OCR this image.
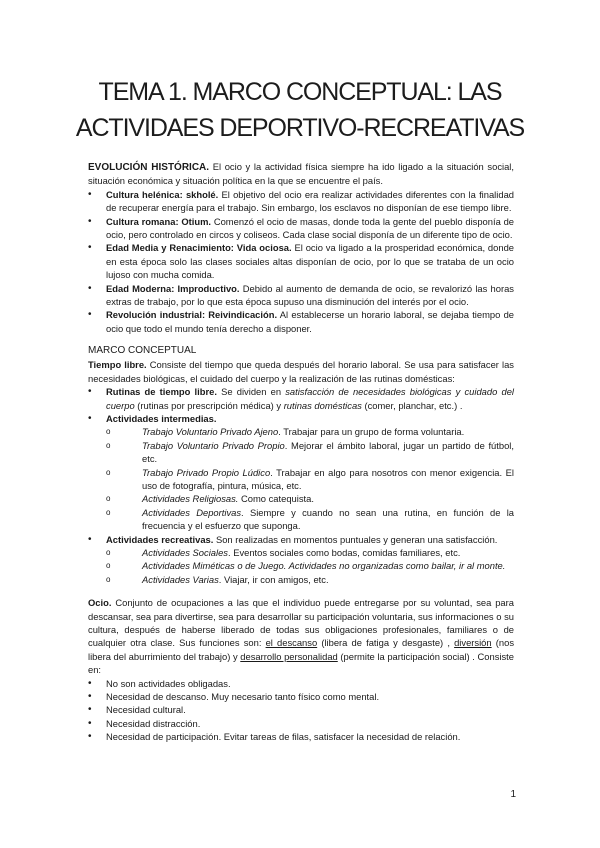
TEMA 1. MARCO CONCEPTUAL: LAS
ACTIVIDAES DEPORTIVO-RECREATIVAS

EVOLUCIÓN HISTÓRICA. El ocio y la actividad física siempre ha ido ligado a la situación social, situación económica y situación política en la que se encuentre el país.

• Cultura helénica: skholé. El objetivo del ocio era realizar actividades diferentes con la finalidad de recuperar energía para el trabajo. Sin embargo, los esclavos no disponían de ese tiempo libre.
• Cultura romana: Otium. Comenzó el ocio de masas, donde toda la gente del pueblo disponía de ocio, pero controlado en circos y coliseos. Cada clase social disponía de un diferente tipo de ocio.
• Edad Media y Renacimiento: Vida ociosa. El ocio va ligado a la prosperidad económica, donde en esta época solo las clases sociales altas disponían de ocio, por lo que se trataba de un ocio lujoso con mucha comida.
• Edad Moderna: Improductivo. Debido al aumento de demanda de ocio, se revalorizó las horas extras de trabajo, por lo que esta época supuso una disminución del interés por el ocio.
• Revolución industrial: Reivindicación. Al establecerse un horario laboral, se dejaba tiempo de ocio que todo el mundo tenía derecho a disponer.
MARCO CONCEPTUAL

Tiempo libre. Consiste del tiempo que queda después del horario laboral. Se usa para satisfacer las necesidades biológicas, el cuidado del cuerpo y la realización de las rutinas domésticas:

• Rutinas de tiempo libre. Se dividen en satisfacción de necesidades biológicas y cuidado del cuerpo (rutinas por prescripción médica) y rutinas domésticas (comer, planchar, etc.) .
• Actividades intermedias.
o Trabajo Voluntario Privado Ajeno. Trabajar para un grupo de forma voluntaria.
o Trabajo Voluntario Privado Propio. Mejorar el ámbito laboral, jugar un partido de fútbol, etc.
o Trabajo Privado Propio Lúdico. Trabajar en algo para nosotros con menor exigencia. El uso de fotografía, pintura, música, etc.
o Actividades Religiosas. Como catequista.
o Actividades Deportivas. Siempre y cuando no sean una rutina, en función de la frecuencia y el esfuerzo que suponga.
• Actividades recreativas. Son realizadas en momentos puntuales y generan una satisfacción.
o Actividades Sociales. Eventos sociales como bodas, comidas familiares, etc.
o Actividades Miméticas o de Juego. Actividades no organizadas como bailar, ir al monte.
o Actividades Varias. Viajar, ir con amigos, etc.

Ocio. Conjunto de ocupaciones a las que el individuo puede entregarse por su voluntad, sea para descansar, sea para divertirse, sea para desarrollar su participación voluntaria, sus informaciones o su cultura, después de haberse liberado de todas sus obligaciones profesionales, familiares o de cualquier otra clase. Sus funciones son: el descanso (libera de fatiga y desgaste) , diversión (nos libera del aburrimiento del trabajo) y desarrollo personalidad (permite la participación social) . Consiste en:

• No son actividades obligadas.
• Necesidad de descanso. Muy necesario tanto físico como mental.
• Necesidad cultural.
• Necesidad distracción.
• Necesidad de participación. Evitar tareas de filas, satisfacer la necesidad de relación.
1
